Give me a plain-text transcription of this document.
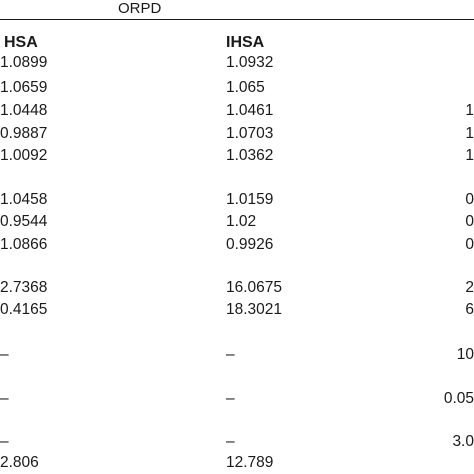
ORPD
HSA	IHSA
1.0899	1.0932
1.0659	1.065
1.0448	1.0461	1
0.9887	1.0703	1
1.0092	1.0362	1
1.0458	1.0159	0
0.9544	1.02	0
1.0866	0.9926	0
2.7368	16.0675	2
0.4165	18.3021	6
–	–	10
–	–	0.05
–	–	3.0
2.806	12.789
